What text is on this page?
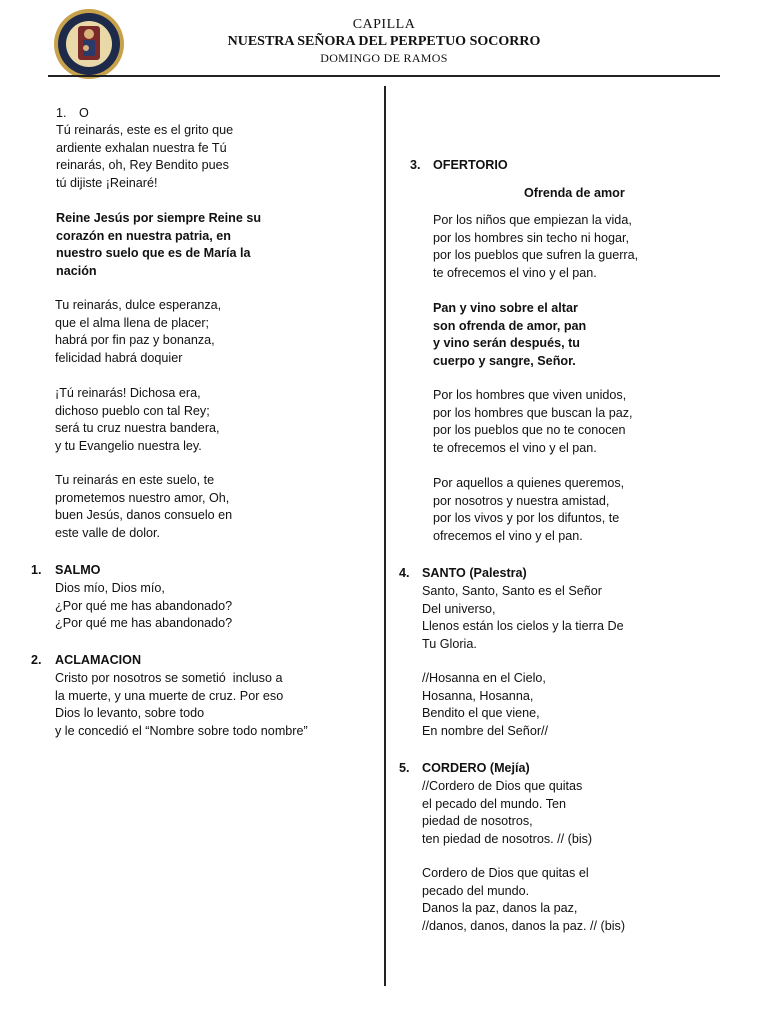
CAPILLA
NUESTRA SEÑORA DEL PERPETUO SOCORRO
DOMINGO DE RAMOS
1. O
Tú reinarás, este es el grito que
ardiente exhalan nuestra fe Tú
reinarás, oh, Rey Bendito pues
tú dijiste ¡Reinaré!
Reine Jesús por siempre Reine su
corazón en nuestra patria, en
nuestro suelo que es de María la
nación
Tu reinarás, dulce esperanza,
que el alma llena de placer;
habrá por fin paz y bonanza,
felicidad habrá doquier
¡Tú reinarás! Dichosa era,
dichoso pueblo con tal Rey;
será tu cruz nuestra bandera,
y tu Evangelio nuestra ley.
Tu reinarás en este suelo, te
prometemos nuestro amor, Oh,
buen Jesús, danos consuelo en
este valle de dolor.
1. SALMO
Dios mío, Dios mío,
¿Por qué me has abandonado?
¿Por qué me has abandonado?
2. ACLAMACION
Cristo por nosotros se sometió  incluso a
la muerte, y una muerte de cruz. Por eso
Dios lo levanto, sobre todo
y le concedió el “Nombre sobre todo nombre”
3. OFERTORIO
Ofrenda de amor
Por los niños que empiezan la vida,
por los hombres sin techo ni hogar,
por los pueblos que sufren la guerra,
te ofrecemos el vino y el pan.
Pan y vino sobre el altar
son ofrenda de amor, pan
y vino serán después, tu
cuerpo y sangre, Señor.
Por los hombres que viven unidos,
por los hombres que buscan la paz,
por los pueblos que no te conocen
te ofrecemos el vino y el pan.
Por aquellos a quienes queremos,
por nosotros y nuestra amistad,
por los vivos y por los difuntos, te
ofrecemos el vino y el pan.
4. SANTO (Palestra)
Santo, Santo, Santo es el Señor
Del universo,
Llenos están los cielos y la tierra De
Tu Gloria.
//Hosanna en el Cielo,
Hosanna, Hosanna,
Bendito el que viene,
En nombre del Señor//
5. CORDERO (Mejía)
//Cordero de Dios que quitas
el pecado del mundo. Ten
piedad de nosotros,
ten piedad de nosotros. // (bis)
Cordero de Dios que quitas el
pecado del mundo.
Danos la paz, danos la paz,
//danos, danos, danos la paz. // (bis)
